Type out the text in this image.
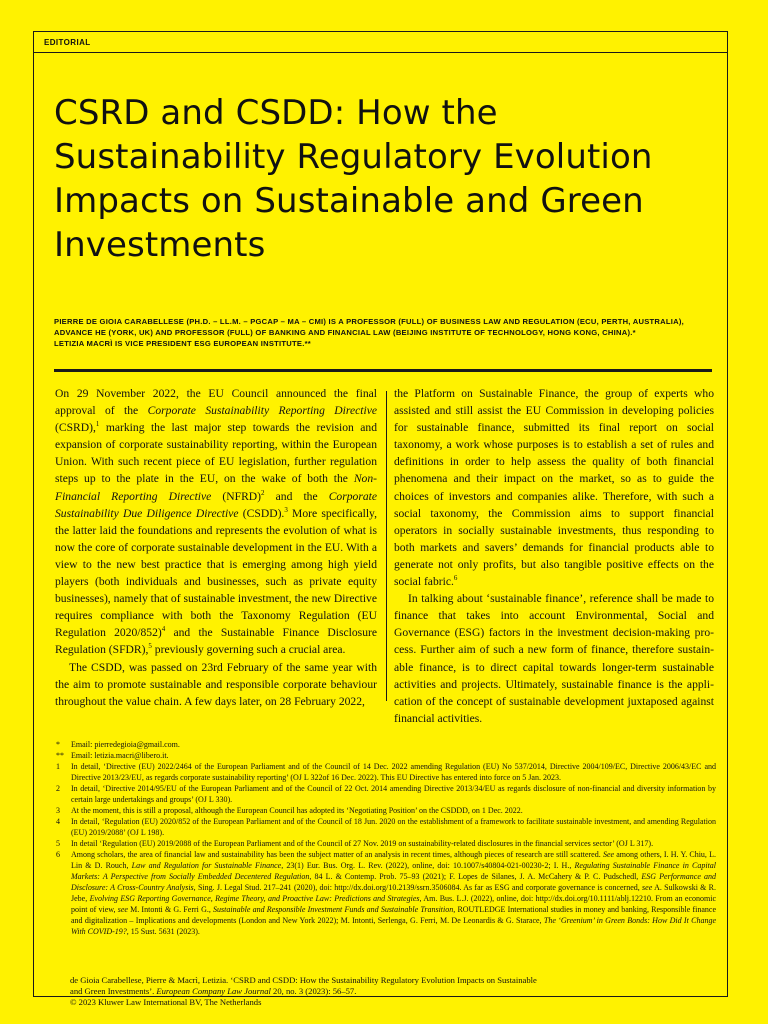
EDITORIAL
CSRD and CSDD: How the Sustainability Regulatory Evolution Impacts on Sustainable and Green Investments
PIERRE DE GIOIA CARABELLESE (PH.D. – LL.M. – PGCAP – MA – CMI) IS A PROFESSOR (FULL) OF BUSINESS LAW AND REGULATION (ECU, PERTH, AUSTRALIA), ADVANCE HE (YORK, UK) AND PROFESSOR (FULL) OF BANKING AND FINANCIAL LAW (BEIJING INSTITUTE OF TECHNOLOGY, HONG KONG, CHINA).*
LETIZIA MACRÌ IS VICE PRESIDENT ESG EUROPEAN INSTITUTE.**

On 29 November 2022, the EU Council announced the final approval of the Corporate Sustainability Reporting Directive (CSRD),$^1$ marking the last major step towards the revision and expansion of corporate sustainability reporting, within the European Union. With such recent piece of EU legislation, further regulation steps up to the plate in the EU, on the wake of both the Non-Financial Reporting Directive (NFRD)$^2$ and the Corporate Sustainability Due Diligence Directive (CSDD).$^3$ More specifically, the latter laid the foundations and represents the evolution of what is now the core of corporate sustainable development in the EU. With a view to the new best practice that is emerging among high yield players (both individuals and businesses, such as private equity businesses), namely that of sustainable investment, the new Directive requires compliance with both the Taxonomy Regulation (EU Regulation 2020/852)$^4$ and the Sustainable Finance Disclosure Regulation (SFDR),$^5$ previously governing such a crucial area.

The CSDD, was passed on 23rd February of the same year with the aim to promote sustainable and responsible corporate behaviour throughout the value chain. A few days later, on 28 February 2022,

the Platform on Sustainable Finance, the group of experts who assisted and still assist the EU Commission in developing policies for sustainable finance, submitted its final report on social taxonomy, a work whose purposes is to establish a set of rules and definitions in order to help assess the quality of both financial phenomena and their impact on the market, so as to guide the choices of investors and companies alike. Therefore, with such a social taxonomy, the Commission aims to support financial operators in socially sustainable investments, thus responding to both markets and savers’ demands for financial products able to generate not only profits, but also tangible positive effects on the social fabric.$^6$

In talking about ‘sustainable finance’, reference shall be made to finance that takes into account Environmental, Social and Governance (ESG) factors in the investment decision-making process. Further aim of such a new form of finance, therefore sustainable finance, is to direct capital towards longer-term sustainable activities and projects. Ultimately, sustainable finance is the application of the concept of sustainable development juxtaposed against financial activities.

*	Email: pierredegioia@gmail.com.
** Email: letizia.macri@libero.it.
1	In detail, ‘Directive (EU) 2022/2464 of the European Parliament and of the Council of 14 Dec. 2022 amending Regulation (EU) No 537/2014, Directive 2004/109/EC, Directive 2006/43/EC and Directive 2013/23/EU, as regards corporate sustainability reporting’ (OJ L 322of 16 Dec. 2022). This EU Directive has entered into force on 5 Jan. 2023.
2	In detail, ‘Directive 2014/95/EU of the European Parliament and of the Council of 22 Oct. 2014 amending Directive 2013/34/EU as regards disclosure of non-financial and diversity information by certain large undertakings and groups’ (OJ L 330).
3	At the moment, this is still a proposal, although the European Council has adopted its ‘Negotiating Position’ on the CSDDD, on 1 Dec. 2022.
4	In detail, ‘Regulation (EU) 2020/852 of the European Parliament and of the Council of 18 Jun. 2020 on the establishment of a framework to facilitate sustainable investment, and amending Regulation (EU) 2019/2088’ (OJ L 198).
5	In detail ‘Regulation (EU) 2019/2088 of the European Parliament and of the Council of 27 Nov. 2019 on sustainability-related disclosures in the financial services sector’ (OJ L 317).
6	Among scholars, the area of financial law and sustainability has been the subject matter of an analysis in recent times, although pieces of research are still scattered. See among others, I. H. Y. Chiu, L. Lin & D. Rouch, Law and Regulation for Sustainable Finance, 23(1) Eur. Bus. Org. L. Rev. (2022), online, doi: 10.1007/s40804-021-00230-2; I. H., Regulating Sustainable Finance in Capital Markets: A Perspective from Socially Embedded Decentered Regulation, 84 L. & Contemp. Prob. 75–93 (2021); F. Lopes de Silanes, J. A. McCahery & P. C. Pudschedl, ESG Performance and Disclosure: A Cross-Country Analysis, Sing. J. Legal Stud. 217–241 (2020), doi: http://dx.doi.org/10.2139/ssrn.3506084. As far as ESG and corporate governance is concerned, see A. Sulkowski & R. Jebe, Evolving ESG Reporting Governance, Regime Theory, and Proactive Law: Predictions and Strategies, Am. Bus. L.J. (2022), online, doi: http://dx.doi.org/10.1111/ablj.12210. From an economic point of view, see M. Intonti & G. Ferri G., Sustainable and Responsible Investment Funds and Sustainable Transition, ROUTLEDGE International studies in money and banking, Responsible finance and digitalization – Implications and developments (London and New York 2022); M. Intonti, Serlenga, G. Ferri, M. De Leonardis & G. Starace, The ‘Greenium’ in Green Bonds: How Did It Change With COVID-19?, 15 Sust. 5631 (2023).
de Gioia Carabellese, Pierre & Macrì, Letizia. ‘CSRD and CSDD: How the Sustainability Regulatory Evolution Impacts on Sustainable
and Green Investments’. European Company Law Journal 20, no. 3 (2023): 56–57.
© 2023 Kluwer Law International BV, The Netherlands
